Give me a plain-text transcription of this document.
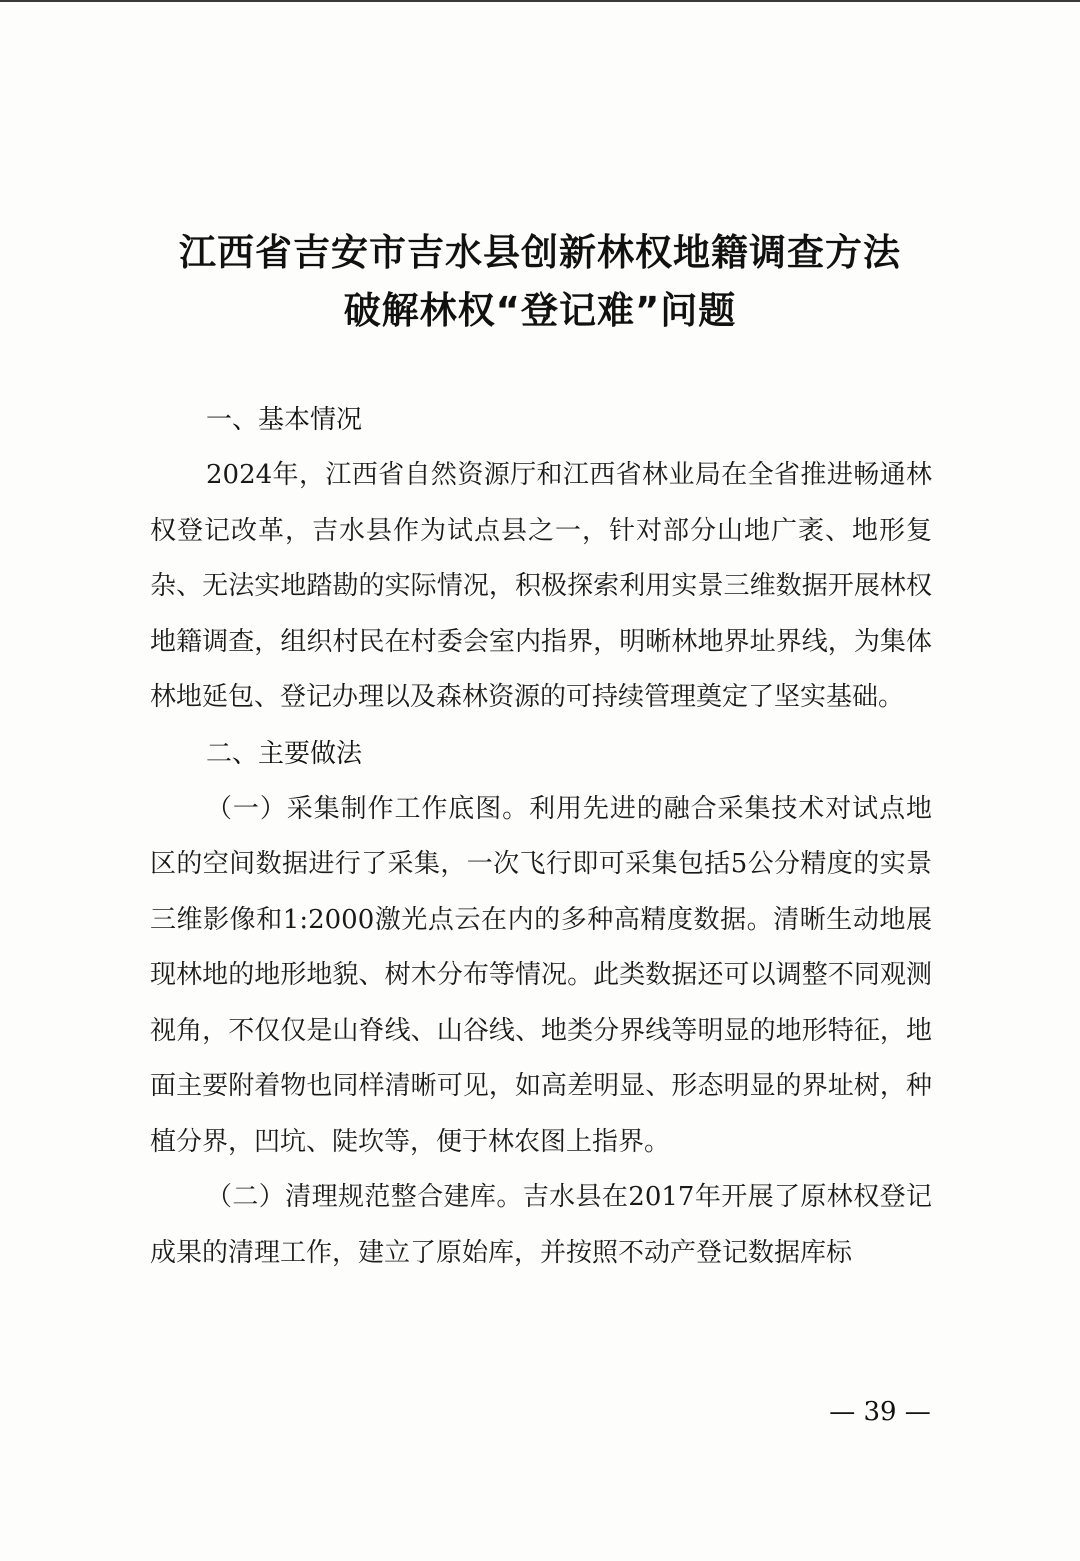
江西省吉安市吉水县创新林权地籍调查方法
破解林权“登记难”问题
一、基本情况

2024年，江西省自然资源厅和江西省林业局在全省推进畅通林权登记改革，吉水县作为试点县之一，针对部分山地广袤、地形复杂、无法实地踏勘的实际情况，积极探索利用实景三维数据开展林权地籍调查，组织村民在村委会室内指界，明晰林地界址界线，为集体林地延包、登记办理以及森林资源的可持续管理奠定了坚实基础。

二、主要做法

（一）采集制作工作底图。利用先进的融合采集技术对试点地区的空间数据进行了采集，一次飞行即可采集包括5公分精度的实景三维影像和1:2000激光点云在内的多种高精度数据。清晰生动地展现林地的地形地貌、树木分布等情况。此类数据还可以调整不同观测视角，不仅仅是山脊线、山谷线、地类分界线等明显的地形特征，地面主要附着物也同样清晰可见，如高差明显、形态明显的界址树，种植分界，凹坑、陡坎等，便于林农图上指界。

（二）清理规范整合建库。吉水县在2017年开展了原林权登记成果的清理工作，建立了原始库，并按照不动产登记数据库标

— 39 —
